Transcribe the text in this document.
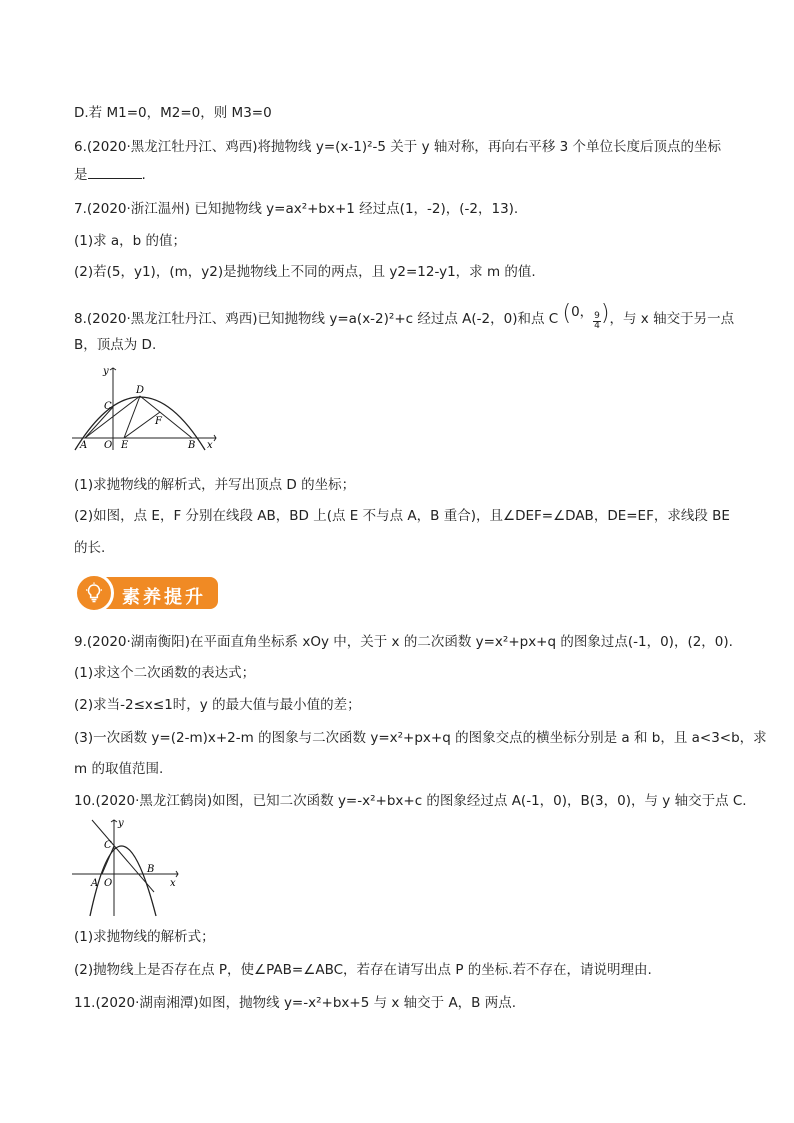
D.若 M1=0，M2=0，则 M3=0
6.(2020·黑龙江牡丹江、鸡西)将抛物线 y=(x-1)²-5 关于 y 轴对称，再向右平移 3 个单位长度后顶点的坐标
是	.
7.(2020·浙江温州) 已知抛物线 y=ax²+bx+1 经过点(1，-2)，(-2，13).
(1)求 a，b 的值；
(2)若(5，y1)，(m，y2)是抛物线上不同的两点，且 y2=12-y1，求 m 的值.
8.(2020·黑龙江牡丹江、鸡西)已知抛物线 y=a(x-2)²+c 经过点 A(-2，0)和点 C (0， $\frac{9}{4}$ )，与 x 轴交于另一点
B，顶点为 D.
y
x
O
A	B
C
D
E
F
(1)求抛物线的解析式，并写出顶点 D 的坐标；
(2)如图，点 E，F 分别在线段 AB，BD 上(点 E 不与点 A，B 重合)，且∠DEF=∠DAB，DE=EF，求线段 BE
的长.
素养提升
9.(2020·湖南衡阳)在平面直角坐标系 xOy 中，关于 x 的二次函数 y=x²+px+q 的图象过点(-1，0)，(2，0).
(1)求这个二次函数的表达式；
(2)求当-2≤x≤1时，y 的最大值与最小值的差；
(3)一次函数 y=(2-m)x+2-m 的图象与二次函数 y=x²+px+q 的图象交点的横坐标分别是 a 和 b，且 a<3<b，求
m 的取值范围.
10.(2020·黑龙江鹤岗)如图，已知二次函数 y=-x²+bx+c 的图象经过点 A(-1，0)，B(3，0)，与 y 轴交于点 C.
y
x
O
A
B
C
(1)求抛物线的解析式；
(2)抛物线上是否存在点 P，使∠PAB=∠ABC，若存在请写出点 P 的坐标.若不存在，请说明理由.
11.(2020·湖南湘潭)如图，抛物线 y=-x²+bx+5 与 x 轴交于 A，B 两点.
